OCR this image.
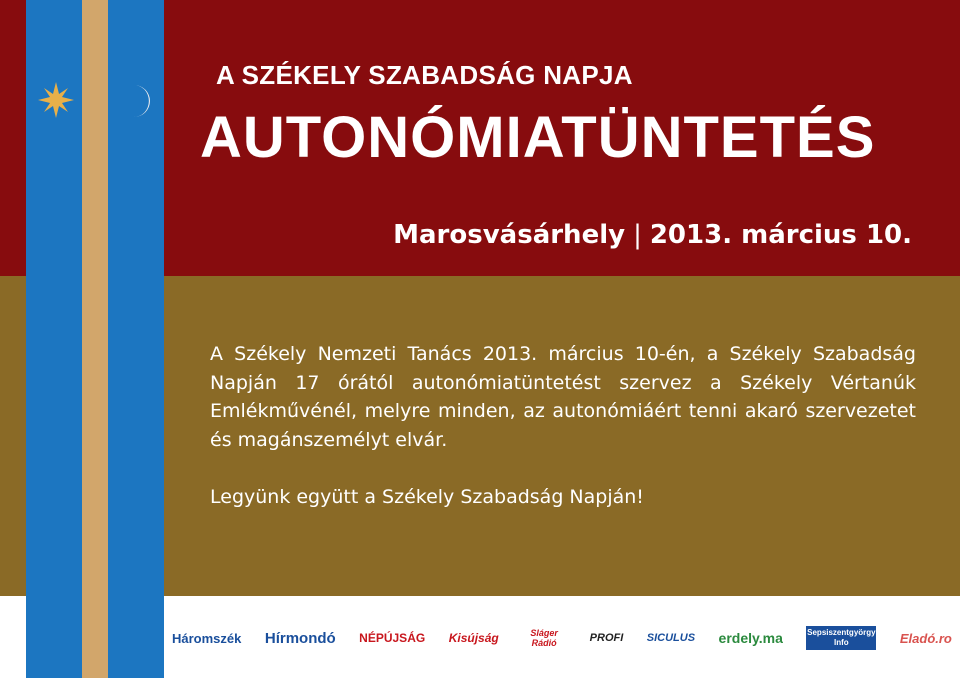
A SZÉKELY SZABADSÁG NAPJA
AUTONÓMIATÜNTETÉS
Marosvásárhely | 2013. március 10.

A Székely Nemzeti Tanács 2013. március 10-én, a Székely Szabadság Napján 17 órától autonómiatüntetést szervez a Székely Vértanúk Emlékművénél, melyre minden, az autonómiáért tenni akaró szervezetet és magánszemélyt elvár.

Legyünk együtt a Székely Szabadság Napján!

Háromszék Hírmondó NÉPÚJSÁG Kisújság	Sláger Rádió	PROFI SICULUS erdely.ma	Sepsiszentgyörgy Info	Eladó.ro
